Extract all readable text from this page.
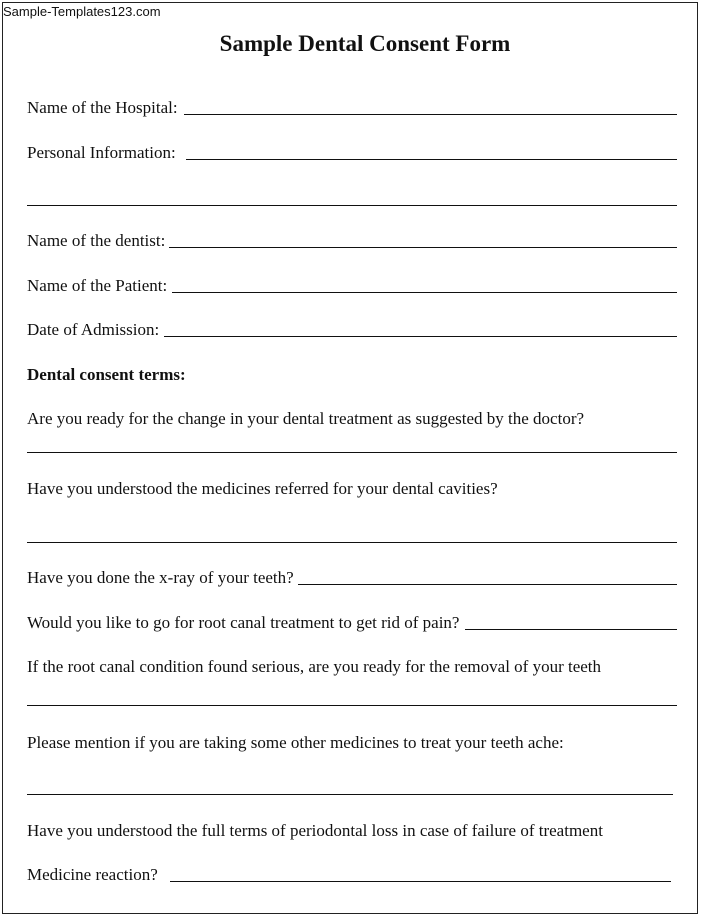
Sample-Templates123.com
Sample Dental Consent Form
Name of the Hospital:
Personal Information:
Name of the dentist:
Name of the Patient:
Date of Admission:
Dental consent terms:
Are you ready for the change in your dental treatment as suggested by the doctor?
Have you understood the medicines referred for your dental cavities?
Have you done the x-ray of your teeth?
Would you like to go for root canal treatment to get rid of pain?
If the root canal condition found serious, are you ready for the removal of your teeth
Please mention if you are taking some other medicines to treat your teeth ache:
Have you understood the full terms of periodontal loss in case of failure of treatment
Medicine reaction?
